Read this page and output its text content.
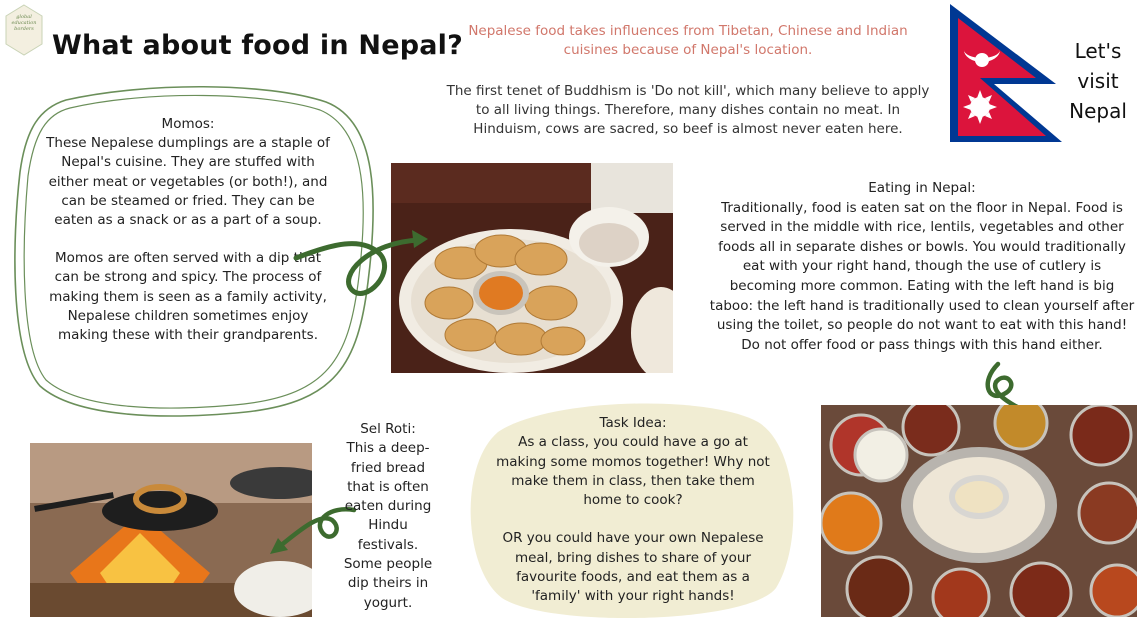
global
education
borders
What about food in Nepal? Nepalese food takes influences from Tibetan, Chinese and Indian cuisines because of Nepal's location.
The first tenet of Buddhism is 'Do not kill', which many believe to apply to all living things. Therefore, many dishes contain no meat. In Hinduism, cows are sacred, so beef is almost never eaten here.
Let's
visit
Nepal
Momos:
These Nepalese dumplings are a staple of Nepal's cuisine. They are stuffed with either meat or vegetables (or both!), and can be steamed or fried. They can be eaten as a snack or as a part of a soup.
Momos are often served with a dip that can be strong and spicy. The process of making them is seen as a family activity, Nepalese children sometimes enjoy making these with their grandparents.
Eating in Nepal:
Traditionally, food is eaten sat on the floor in Nepal. Food is served in the middle with rice, lentils, vegetables and other foods all in separate dishes or bowls. You would traditionally eat with your right hand, though the use of cutlery is becoming more common. Eating with the left hand is big taboo: the left hand is traditionally used to clean yourself after using the toilet, so people do not want to eat with this hand! Do not offer food or pass things with this hand either.
Sel Roti:
This a deep-fried bread that is often eaten during Hindu festivals. Some people dip theirs in yogurt.
Task Idea:
As a class, you could have a go at making some momos together! Why not make them in class, then take them home to cook?
OR you could have your own Nepalese meal, bring dishes to share of your favourite foods, and eat them as a 'family' with your right hands!
